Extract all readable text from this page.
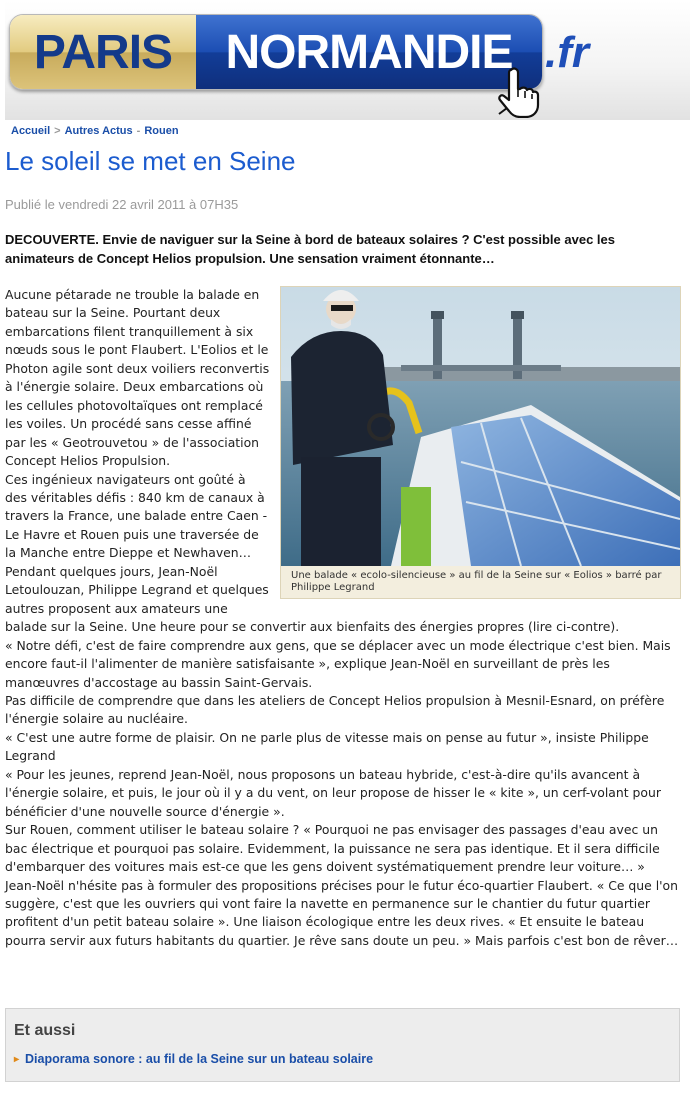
PARIS	NORMANDIE .fr
Accueil > Autres Actus - Rouen
Le soleil se met en Seine
Publié le vendredi 22 avril 2011 à 07H35

DECOUVERTE. Envie de naviguer sur la Seine à bord de bateaux solaires ? C'est possible avec les animateurs de Concept Helios propulsion. Une sensation vraiment étonnante…

Aucune pétarade ne trouble la balade en bateau sur la Seine. Pourtant deux embarcations filent tranquillement à six nœuds sous le pont Flaubert. L'Eolios et le Photon agile sont deux voiliers reconvertis à l'énergie solaire. Deux embarcations où les cellules photovoltaïques ont remplacé les voiles. Un procédé sans cesse affiné par les « Geotrouvetou » de l'association Concept Helios Propulsion.

Ces ingénieux navigateurs ont goûté à des véritables défis : 840 km de canaux à travers la France, une balade entre Caen - Le Havre et Rouen puis une traversée de la Manche entre Dieppe et Newhaven…

Pendant quelques jours, Jean-Noël Letoulouzan, Philippe Legrand et quelques autres proposent aux amateurs une balade sur la Seine. Une heure pour se convertir aux bienfaits des énergies propres (lire ci-contre).

« Notre défi, c'est de faire comprendre aux gens, que se déplacer avec un mode électrique c'est bien. Mais encore faut-il l'alimenter de manière satisfaisante », explique Jean-Noël en surveillant de près les manœuvres d'accostage au bassin Saint-Gervais.

Pas difficile de comprendre que dans les ateliers de Concept Helios propulsion à Mesnil-Esnard, on préfère l'énergie solaire au nucléaire.

« C'est une autre forme de plaisir. On ne parle plus de vitesse mais on pense au futur », insiste Philippe Legrand

« Pour les jeunes, reprend Jean-Noël, nous proposons un bateau hybride, c'est-à-dire qu'ils avancent à l'énergie solaire, et puis, le jour où il y a du vent, on leur propose de hisser le « kite », un cerf-volant pour bénéficier d'une nouvelle source d'énergie ».

Sur Rouen, comment utiliser le bateau solaire ? « Pourquoi ne pas envisager des passages d'eau avec un bac électrique et pourquoi pas solaire. Evidemment, la puissance ne sera pas identique. Et il sera difficile d'embarquer des voitures mais est-ce que les gens doivent systématiquement prendre leur voiture… »

Jean-Noël n'hésite pas à formuler des propositions précises pour le futur éco-quartier Flaubert. « Ce que l'on suggère, c'est que les ouvriers qui vont faire la navette en permanence sur le chantier du futur quartier profitent d'un petit bateau solaire ». Une liaison écologique entre les deux rives. « Et ensuite le bateau pourra servir aux futurs habitants du quartier. Je rêve sans doute un peu. » Mais parfois c'est bon de rêver…

Une balade « ecolo-silencieuse » au fil de la Seine sur « Eolios » barré par Philippe Legrand
Et aussi
▸ Diaporama sonore : au fil de la Seine sur un bateau solaire
